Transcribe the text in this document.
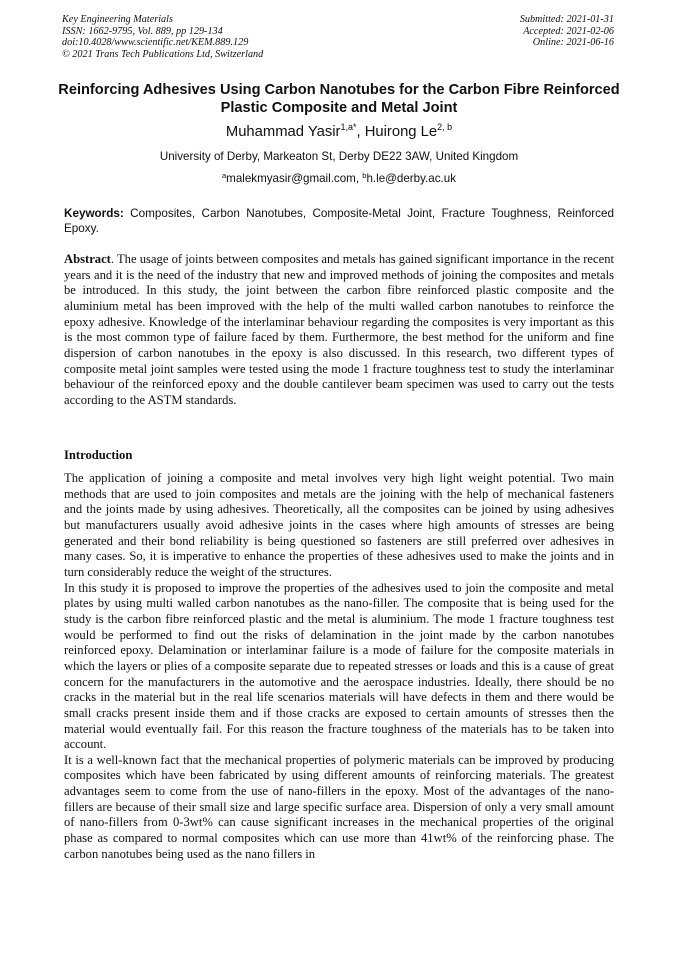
Key Engineering Materials
ISSN: 1662-9795, Vol. 889, pp 129-134
doi:10.4028/www.scientific.net/KEM.889.129
© 2021 Trans Tech Publications Ltd, Switzerland
Submitted: 2021-01-31
Accepted: 2021-02-06
Online: 2021-06-16
Reinforcing Adhesives Using Carbon Nanotubes for the Carbon Fibre Reinforced Plastic Composite and Metal Joint
Muhammad Yasir$^{1,a*}$, Huirong Le$^{2, b}$
University of Derby, Markeaton St, Derby DE22 3AW, United Kingdom
$^a$malekmyasir@gmail.com, $^b$h.le@derby.ac.uk
Keywords: Composites, Carbon Nanotubes, Composite-Metal Joint, Fracture Toughness, Reinforced Epoxy.
Abstract. The usage of joints between composites and metals has gained significant importance in the recent years and it is the need of the industry that new and improved methods of joining the composites and metals be introduced. In this study, the joint between the carbon fibre reinforced plastic composite and the aluminium metal has been improved with the help of the multi walled carbon nanotubes to reinforce the epoxy adhesive. Knowledge of the interlaminar behaviour regarding the composites is very important as this is the most common type of failure faced by them. Furthermore, the best method for the uniform and fine dispersion of carbon nanotubes in the epoxy is also discussed. In this research, two different types of composite metal joint samples were tested using the mode 1 fracture toughness test to study the interlaminar behaviour of the reinforced epoxy and the double cantilever beam specimen was used to carry out the tests according to the ASTM standards.
Introduction

The application of joining a composite and metal involves very high light weight potential. Two main methods that are used to join composites and metals are the joining with the help of mechanical fasteners and the joints made by using adhesives. Theoretically, all the composites can be joined by using adhesives but manufacturers usually avoid adhesive joints in the cases where high amounts of stresses are being generated and their bond reliability is being questioned so fasteners are still preferred over adhesives in many cases. So, it is imperative to enhance the properties of these adhesives used to make the joints and in turn considerably reduce the weight of the structures.

In this study it is proposed to improve the properties of the adhesives used to join the composite and metal plates by using multi walled carbon nanotubes as the nano-filler. The composite that is being used for the study is the carbon fibre reinforced plastic and the metal is aluminium. The mode 1 fracture toughness test would be performed to find out the risks of delamination in the joint made by the carbon nanotubes reinforced epoxy. Delamination or interlaminar failure is a mode of failure for the composite materials in which the layers or plies of a composite separate due to repeated stresses or loads and this is a cause of great concern for the manufacturers in the automotive and the aerospace industries. Ideally, there should be no cracks in the material but in the real life scenarios materials will have defects in them and there would be small cracks present inside them and if those cracks are exposed to certain amounts of stresses then the material would eventually fail. For this reason the fracture toughness of the materials has to be taken into account.

It is a well-known fact that the mechanical properties of polymeric materials can be improved by producing composites which have been fabricated by using different amounts of reinforcing materials. The greatest advantages seem to come from the use of nano-fillers in the epoxy. Most of the advantages of the nano-fillers are because of their small size and large specific surface area. Dispersion of only a very small amount of nano-fillers from 0-3wt% can cause significant increases in the mechanical properties of the original phase as compared to normal composites which can use more than 41wt% of the reinforcing phase. The carbon nanotubes being used as the nano fillers in
